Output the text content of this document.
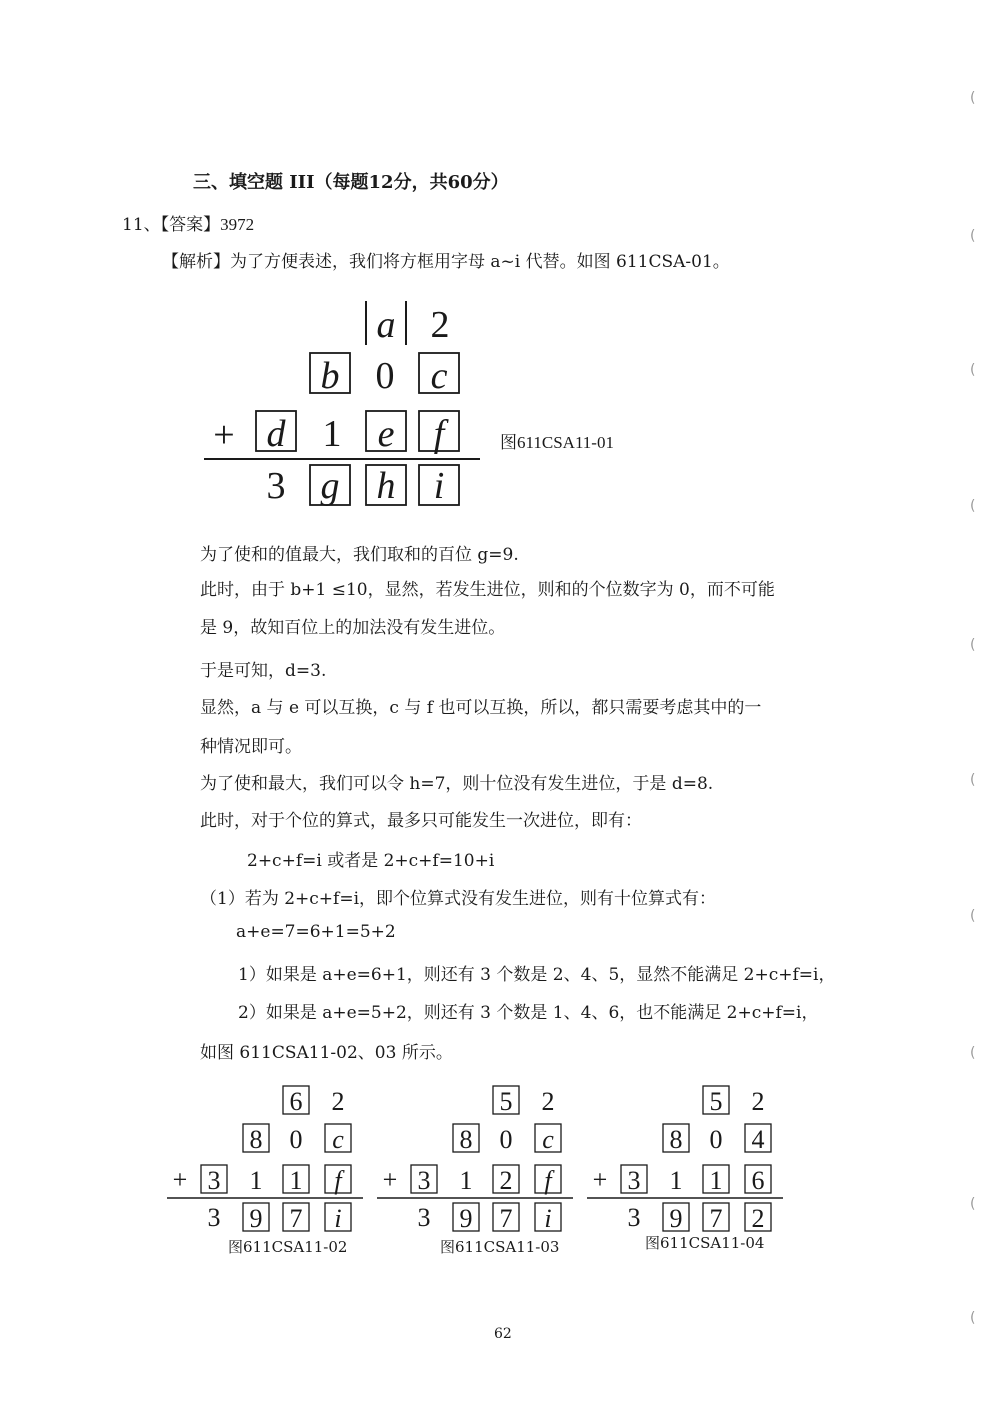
三、填空题 III（每题12分，共60分）
11、【答案】3972
【解析】为了方便表述，我们将方框用字母 a~i 代替。如图 611CSA-01。
a 2
b 0 c
+ d 1 e f
3 g h i
图611CSA11-01
为了使和的值最大，我们取和的百位 g=9.
此时，由于 b+1 ≤10，显然，若发生进位，则和的个位数字为 0，而不可能
是 9，故知百位上的加法没有发生进位。
于是可知，d=3.
显然，a 与 e 可以互换，c 与 f 也可以互换，所以，都只需要考虑其中的一
种情况即可。
为了使和最大，我们可以令 h=7，则十位没有发生进位，于是 d=8.
此时，对于个位的算式，最多只可能发生一次进位，即有：
2+c+f=i 或者是 2+c+f=10+i
（1）若为 2+c+f=i，即个位算式没有发生进位，则有十位算式有：
a+e=7=6+1=5+2
1）如果是 a+e=6+1，则还有 3 个数是 2、4、5，显然不能满足 2+c+f=i，
2）如果是 a+e=5+2，则还有 3 个数是 1、4、6，也不能满足 2+c+f=i，
如图 611CSA11-02、03 所示。
6 2
8 0 c
+ 3 1 1 f
3 9 7 i
图611CSA11-02
5 2
8 0 c
+ 3 1 2 f
3 9 7 i
图611CSA11-03
5 2
8 0 4
+ 3 1 1 6
3 9 7 2
图611CSA11-04
62
(
(
(
(
(
(
(
(
(
(
